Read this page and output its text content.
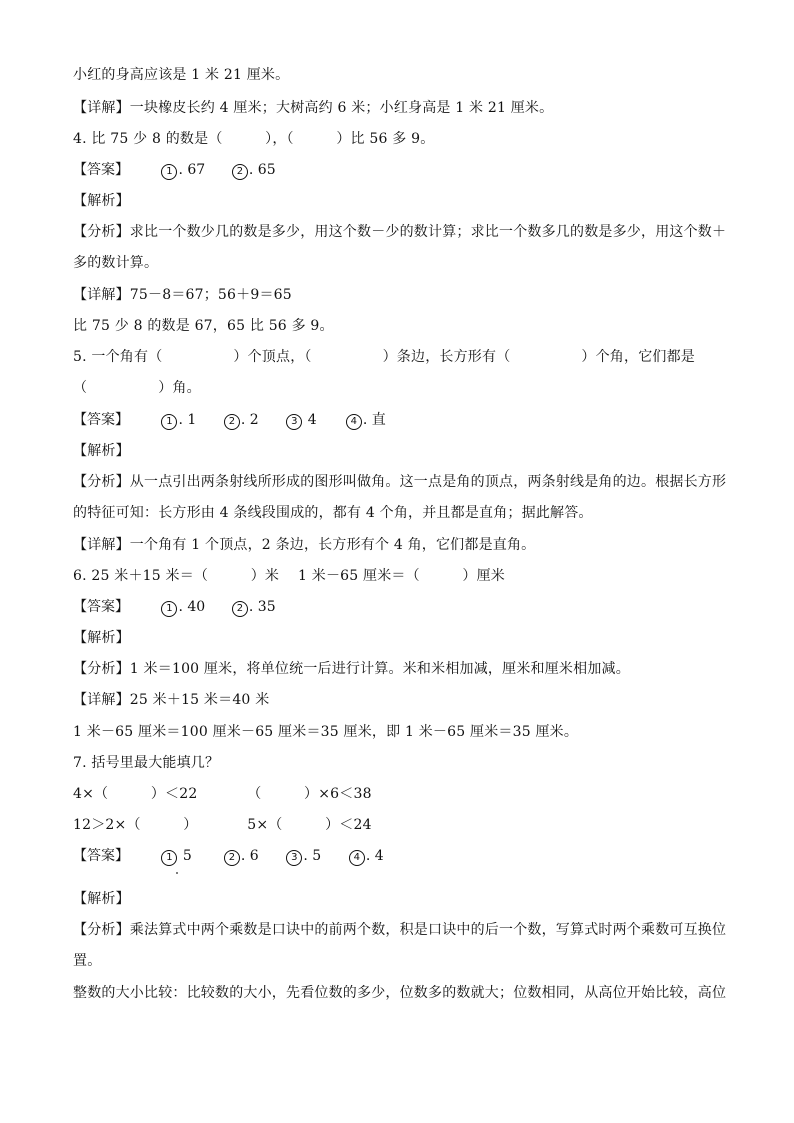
小红的身高应该是 1 米 21 厘米。
【详解】一块橡皮长约 4 厘米；大树高约 6 米；小红身高是 1 米 21 厘米。
4. 比 75 少 8 的数是（　　　），（　　　）比 56 多 9。
【答案】	1 . 67	2 . 65
【解析】
【分析】求比一个数少几的数是多少，用这个数－少的数计算；求比一个数多几的数是多少，用这个数＋
多的数计算。
【详解】75－8＝67；56＋9＝65
比 75 少 8 的数是 67，65 比 56 多 9。
5. 一个角有（　　　　　）个顶点，（　　　　　）条边，长方形有（　　　　　）个角，它们都是
（　　　　　）角。
【答案】	1 . 1	2 . 2	3 4	4 . 直
【解析】
【分析】从一点引出两条射线所形成的图形叫做角。这一点是角的顶点，两条射线是角的边。根据长方形
的特征可知：长方形由 4 条线段围成的，都有 4 个角，并且都是直角；据此解答。
【详解】一个角有 1 个顶点，2 条边，长方形有个 4 角，它们都是直角。
6. 25 米＋15 米＝（　　　）米　 1 米－65 厘米＝（　　　）厘米
【答案】	1 . 40	2 . 35
【解析】
【分析】1 米＝100 厘米，将单位统一后进行计算。米和米相加减，厘米和厘米相加减。
【详解】25 米＋15 米＝40 米
1 米－65 厘米＝100 厘米－65 厘米＝35 厘米，即 1 米－65 厘米＝35 厘米。
7. 括号里最大能填几？
4×（　　　）＜22　　　　（　　　）×6＜38
12＞2×（　　　）　　　　5×（　　　）＜24
【答案】	1 5	2 . 6	3 . 5	4 . 4
【解析】
【分析】乘法算式中两个乘数是口诀中的前两个数，积是口诀中的后一个数，写算式时两个乘数可互换位
置。
整数的大小比较：比较数的大小，先看位数的多少，位数多的数就大；位数相同，从高位开始比较，高位
